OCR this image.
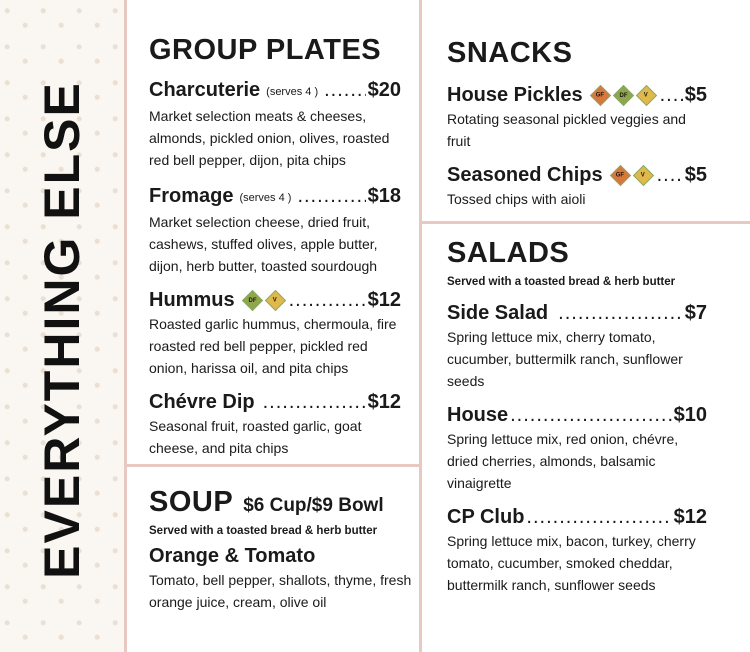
EVERYTHING ELSE
GROUP PLATES
Charcuterie (serves 4 ) ..... $20
Market selection meats & cheeses, almonds, pickled onion, olives, roasted red bell pepper, dijon, pita chips
Fromage (serves 4 ) .....	$18
Market selection cheese, dried fruit, cashews, stuffed olives, apple butter, dijon, herb butter, toasted sourdough
Hummus DF	V .....	$12
Roasted garlic hummus, chermoula, fire roasted red bell pepper, pickled red onion, harissa oil, and pita chips
Chévre Dip .....	$12
Seasonal fruit, roasted garlic, goat cheese, and pita chips
SOUP $6 Cup/$9 Bowl
Served with a toasted bread & herb butter
Orange & Tomato
Tomato, bell pepper, shallots, thyme, fresh orange juice, cream, olive oil
SNACKS
House Pickles GF DF	V ..... $5
Rotating seasonal pickled veggies and fruit
Seasoned Chips GF	V ..... $5
Tossed chips with aioli
SALADS
Served with a toasted bread & herb butter
Side Salad .....	$7
Spring lettuce mix, cherry tomato, cucumber, buttermilk ranch, sunflower seeds
House .....	$10
Spring lettuce mix, red onion, chévre, dried cherries, almonds, balsamic vinaigrette
CP Club .....	$12
Spring lettuce mix, bacon, turkey, cherry tomato, cucumber, smoked cheddar, buttermilk ranch, sunflower seeds
